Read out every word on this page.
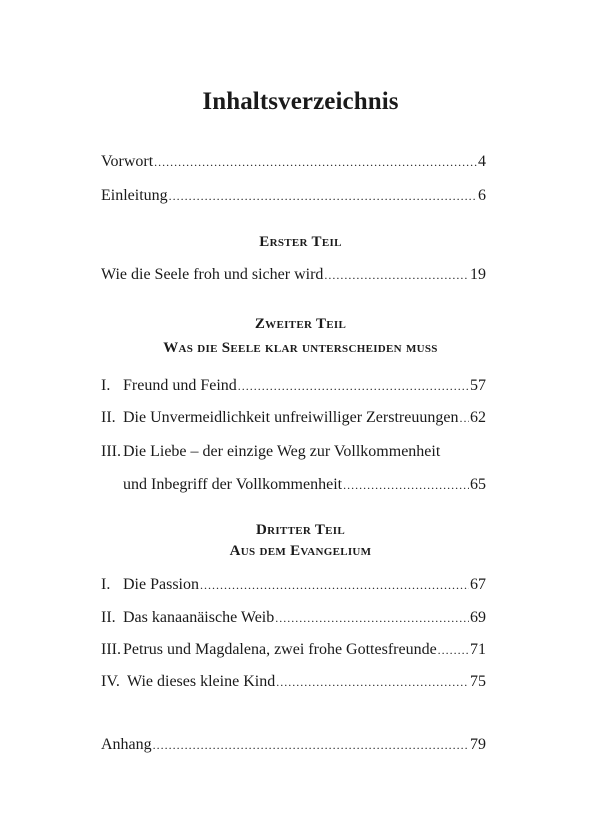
Inhaltsverzeichnis
Vorwort .....	4
Einleitung .....	6
Erster Teil
Wie die Seele froh und sicher wird .....	19
Zweiter Teil
Was die Seele klar unterscheiden muss
I. Freund und Feind .....	57
II. Die Unvermeidlichkeit unfreiwilliger Zerstreuungen ..... 62
III. Die Liebe – der einzige Weg zur Vollkommenheit
und Inbegriff der Vollkommenheit .....	65
Dritter Teil
Aus dem Evangelium
I. Die Passion .....	67
II. Das kanaanäische Weib .....	69
III. Petrus und Magdalena, zwei frohe Gottesfreunde ..... 71
IV. Wie dieses kleine Kind .....	75
Anhang .....	79
